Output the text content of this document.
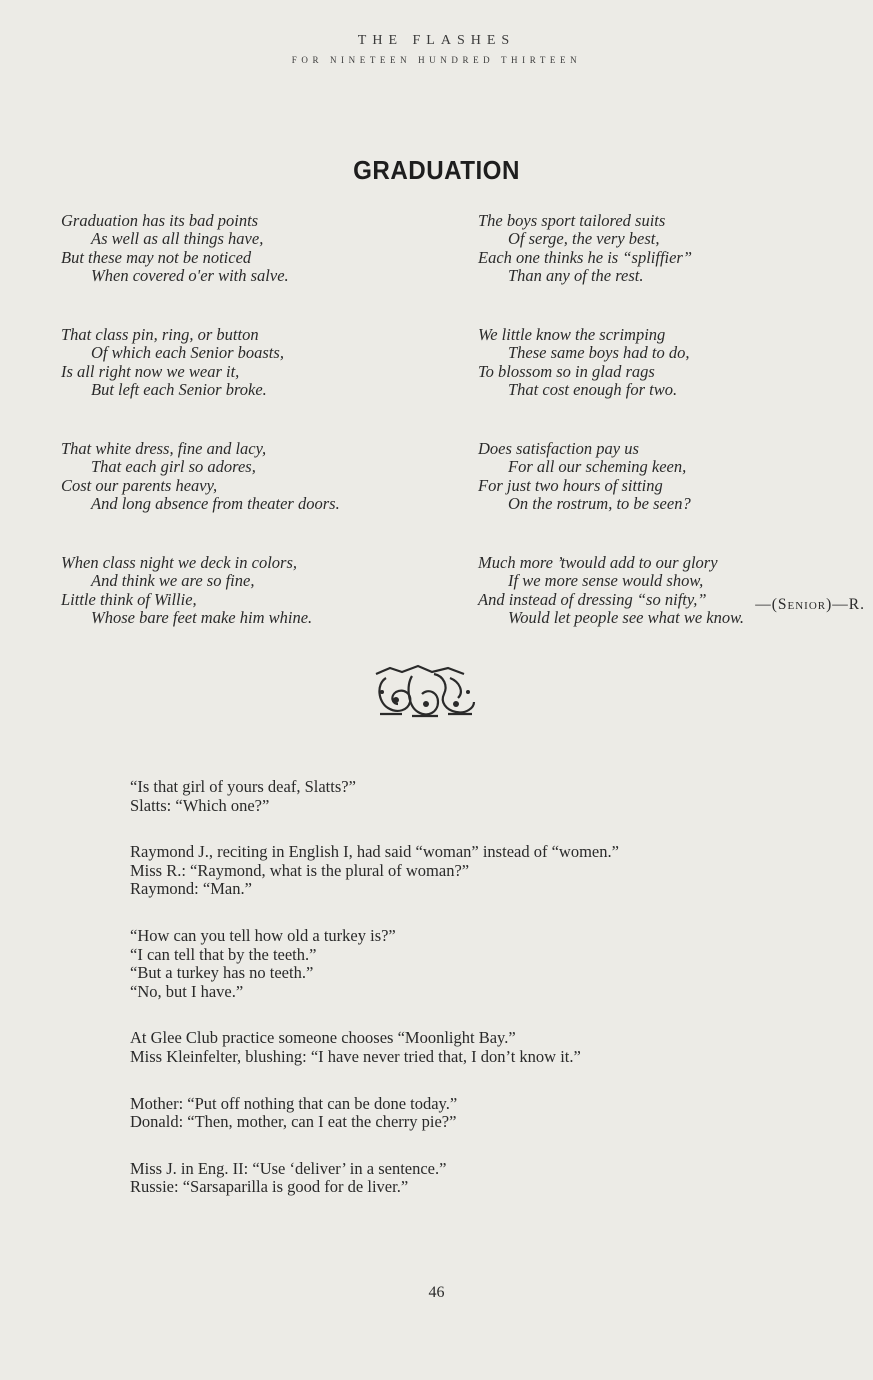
THE FLASHES
FOR NINETEEN HUNDRED THIRTEEN
GRADUATION
Graduation has its bad points
As well as all things have,
But these may not be noticed
When covered o'er with salve.
That class pin, ring, or button
Of which each Senior boasts,
Is all right now we wear it,
But left each Senior broke.
That white dress, fine and lacy,
That each girl so adores,
Cost our parents heavy,
And long absence from theater doors.
When class night we deck in colors,
And think we are so fine,
Little think of Willie,
Whose bare feet make him whine.
The boys sport tailored suits
Of serge, the very best,
Each one thinks he is “spliffier”
Than any of the rest.
We little know the scrimping
These same boys had to do,
To blossom so in glad rags
That cost enough for two.
Does satisfaction pay us
For all our scheming keen,
For just two hours of sitting
On the rostrum, to be seen?
Much more ’twould add to our glory
If we more sense would show,
And instead of dressing “so nifty,”
Would let people see what we know.
—(Senior)—R.
“Is that girl of yours deaf, Slatts?”
Slatts: “Which one?”
Raymond J., reciting in English I, had said “woman” instead of “women.”
Miss R.: “Raymond, what is the plural of woman?”
Raymond: “Man.”
“How can you tell how old a turkey is?”
“I can tell that by the teeth.”
“But a turkey has no teeth.”
“No, but I have.”
At Glee Club practice someone chooses “Moonlight Bay.”
Miss Kleinfelter, blushing: “I have never tried that, I don’t know it.”
Mother: “Put off nothing that can be done today.”
Donald: “Then, mother, can I eat the cherry pie?”
Miss J. in Eng. II: “Use ‘deliver’ in a sentence.”
Russie: “Sarsaparilla is good for de liver.”
46
